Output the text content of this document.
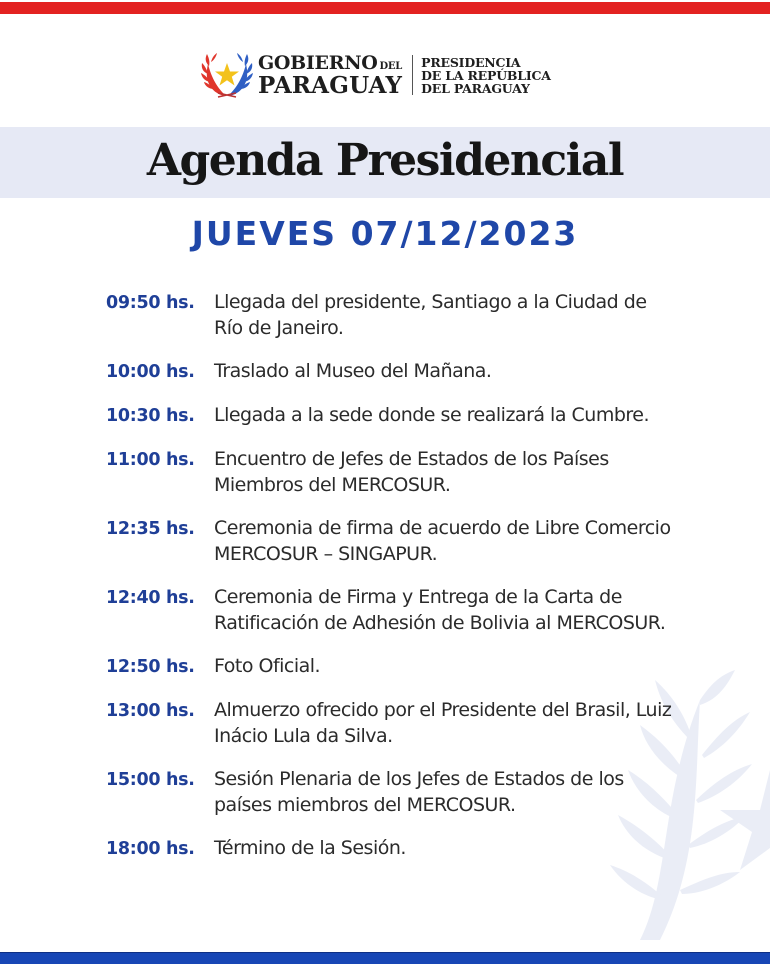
GOBIERNO DEL
PARAGUAY
PRESIDENCIA
DE LA REPÚBLICA
DEL PARAGUAY
Agenda Presidencial
JUEVES 07/12/2023
09:50 hs.	Llegada del presidente, Santiago a la Ciudad de Río de Janeiro.
10:00 hs.	Traslado al Museo del Mañana.
10:30 hs.	Llegada a la sede donde se realizará la Cumbre.
11:00 hs.	Encuentro de Jefes de Estados de los Países Miembros del MERCOSUR.
12:35 hs.	Ceremonia de firma de acuerdo de Libre Comercio MERCOSUR – SINGAPUR.
12:40 hs.	Ceremonia de Firma y Entrega de la Carta de Ratificación de Adhesión de Bolivia al MERCOSUR.
12:50 hs.	Foto Oficial.
13:00 hs.	Almuerzo ofrecido por el Presidente del Brasil, Luiz Inácio Lula da Silva.
15:00 hs.	Sesión Plenaria de los Jefes de Estados de los países miembros del MERCOSUR.
18:00 hs.	Término de la Sesión.
